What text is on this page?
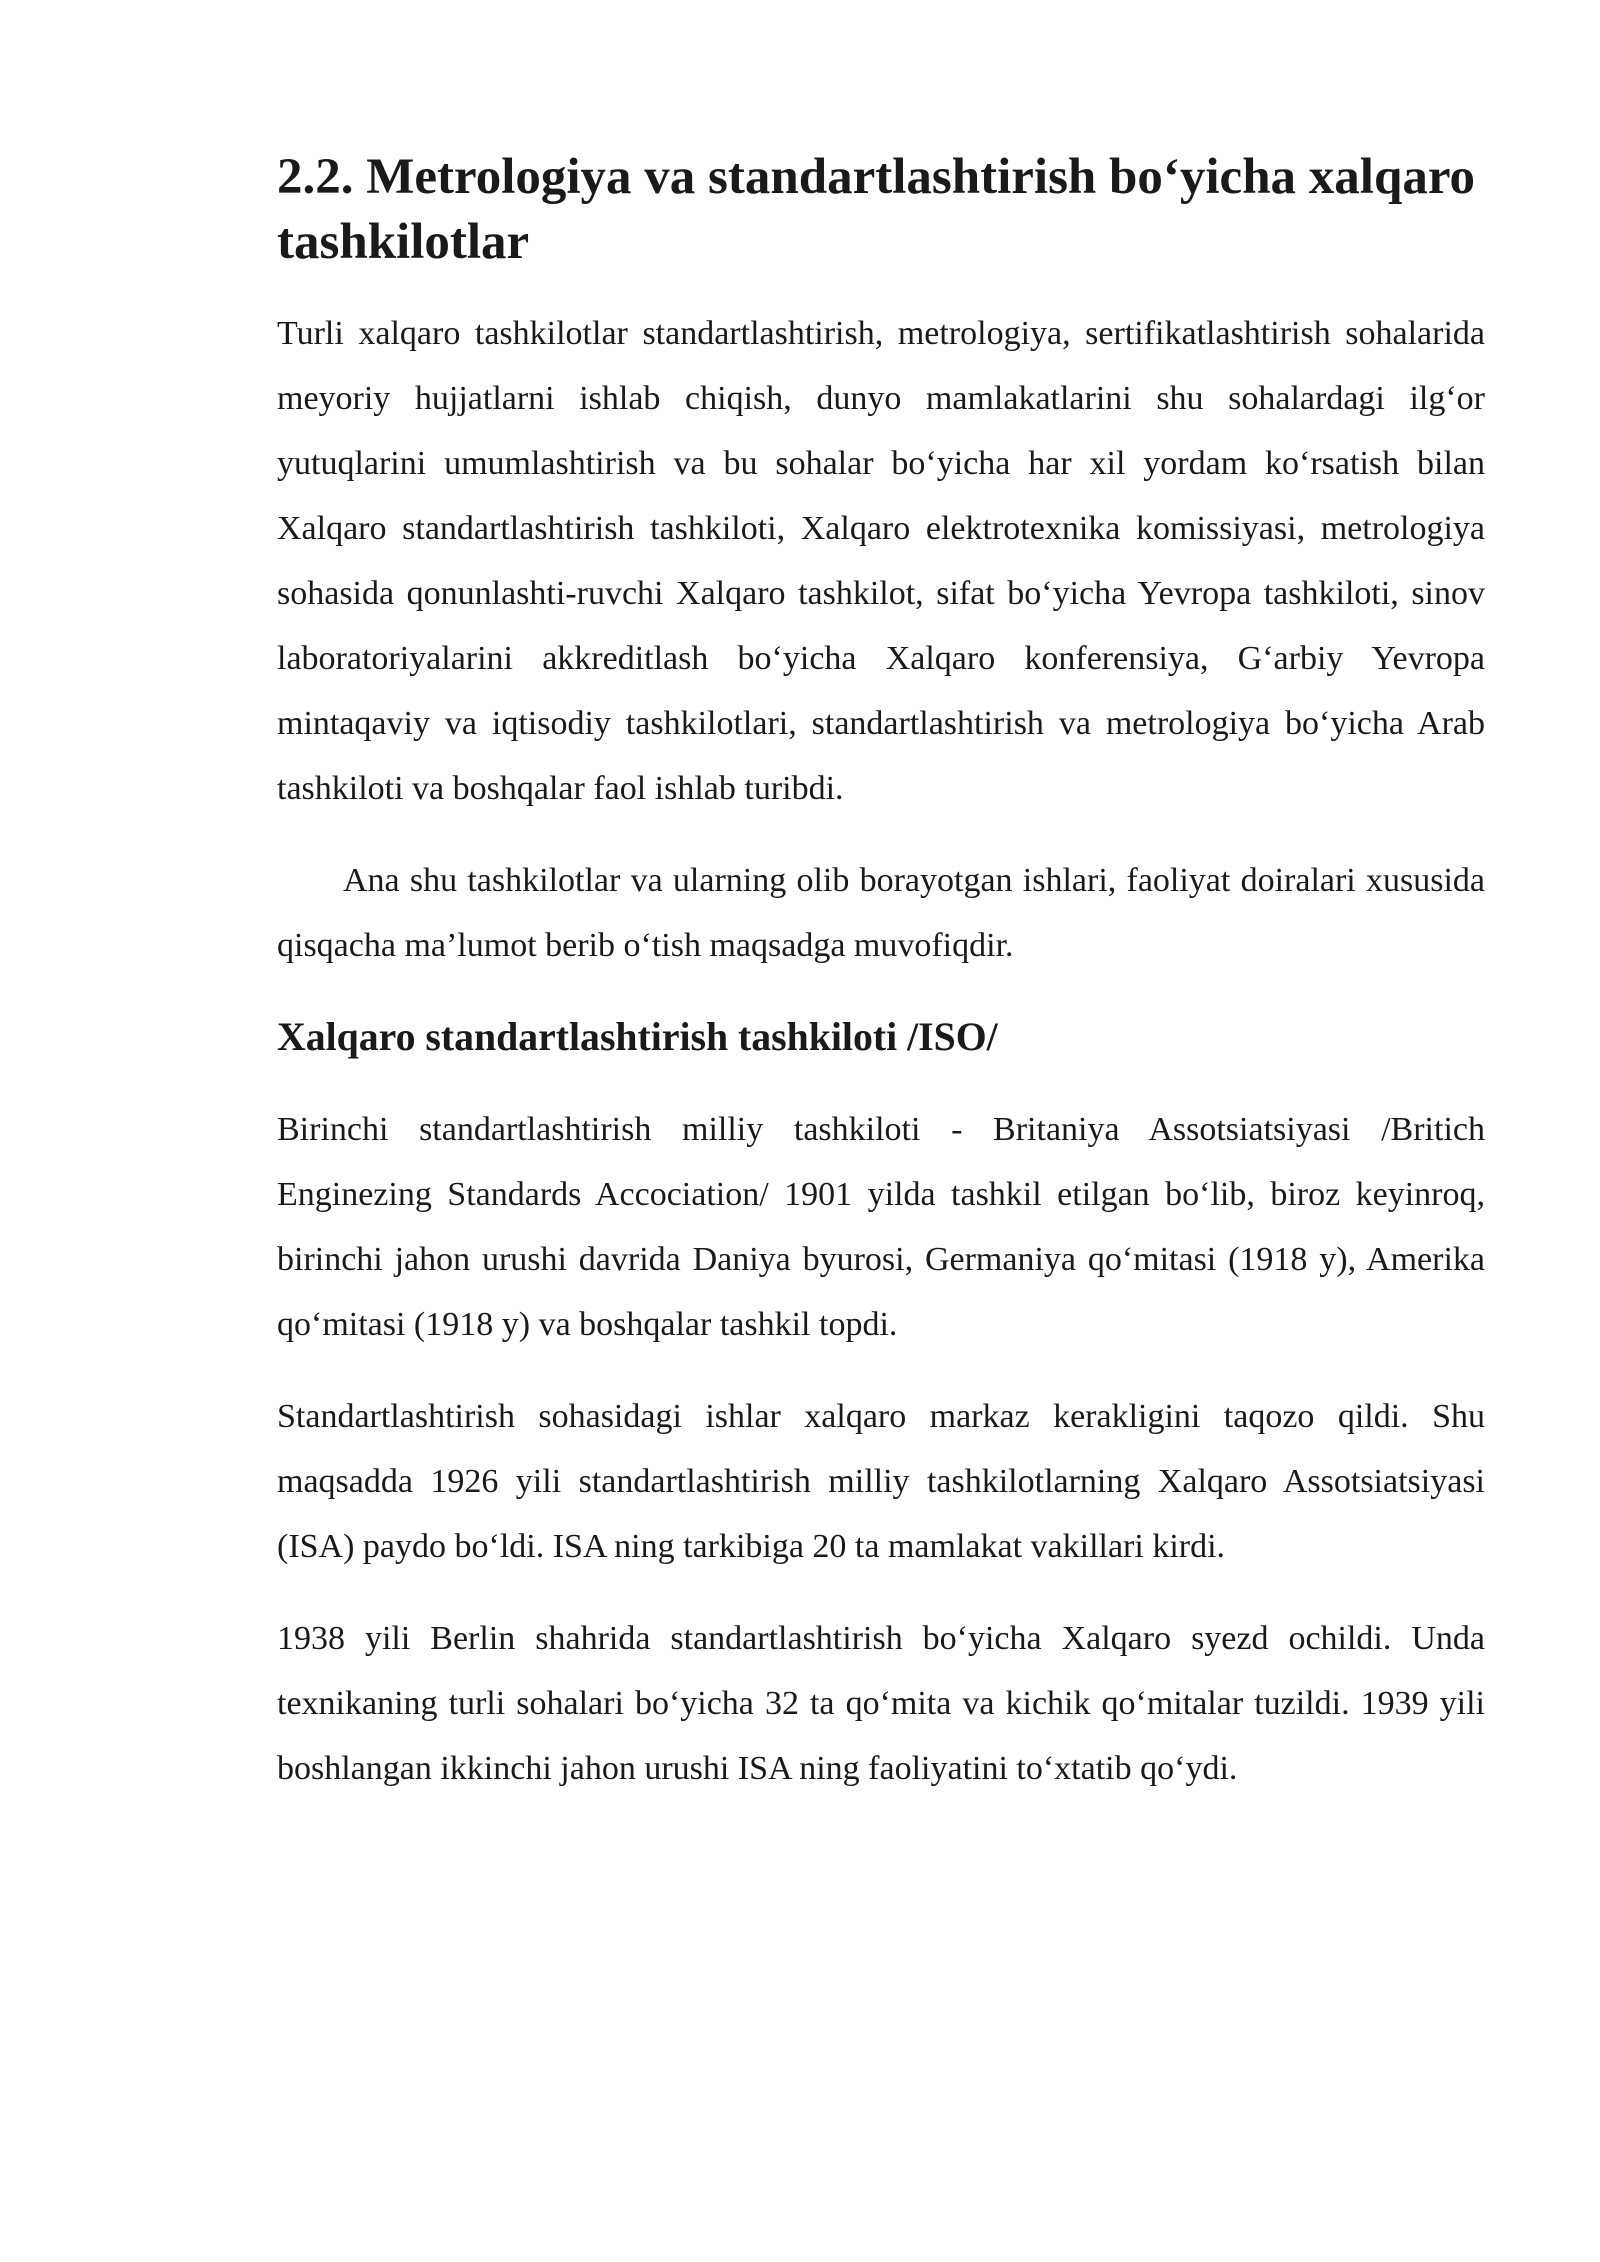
2.2. Metrologiya va standartlashtirish bo‘yicha xalqaro
tashkilotlar

Turli xalqaro tashkilotlar standartlashtirish, metrologiya, sertifikatlashtirish sohalarida meyoriy hujjatlarni ishlab chiqish, dunyo mamlakatlarini shu sohalardagi ilg‘or yutuqlarini umumlashtirish va bu sohalar bo‘yicha har xil yordam ko‘rsatish bilan Xalqaro standartlashtirish tashkiloti, Xalqaro elektrotexnika komissiyasi, metrologiya sohasida qonunlashti-ruvchi Xalqaro tashkilot, sifat bo‘yicha Yevropa tashkiloti, sinov laboratoriyalarini akkreditlash bo‘yicha Xalqaro konferensiya, G‘arbiy Yevropa mintaqaviy va iqtisodiy tashkilotlari, standartlashtirish va metrologiya bo‘yicha Arab tashkiloti va boshqalar faol ishlab turibdi.

Ana shu tashkilotlar va ularning olib borayotgan ishlari, faoliyat doiralari xususida qisqacha ma’lumot berib o‘tish maqsadga muvofiqdir.

Xalqaro standartlashtirish tashkiloti /ISO/

Birinchi standartlashtirish milliy tashkiloti - Britaniya Assotsiatsiyasi /Britich Enginezing Standards Accociation/ 1901 yilda tashkil etilgan bo‘lib, biroz keyinroq, birinchi jahon urushi davrida Daniya byurosi, Germaniya qo‘mitasi (1918 y), Amerika qo‘mitasi (1918 y) va boshqalar tashkil topdi.

Standartlashtirish sohasidagi ishlar xalqaro markaz kerakligini taqozo qildi. Shu maqsadda 1926 yili standartlashtirish milliy tashkilotlarning Xalqaro Assotsiatsiyasi (ISA) paydo bo‘ldi. ISA ning tarkibiga 20 ta mamlakat vakillari kirdi.

1938 yili Berlin shahrida standartlashtirish bo‘yicha Xalqaro syezd ochildi. Unda texnikaning turli sohalari bo‘yicha 32 ta qo‘mita va kichik qo‘mitalar tuzildi. 1939 yili boshlangan ikkinchi jahon urushi ISA ning faoliyatini to‘xtatib qo‘ydi.
